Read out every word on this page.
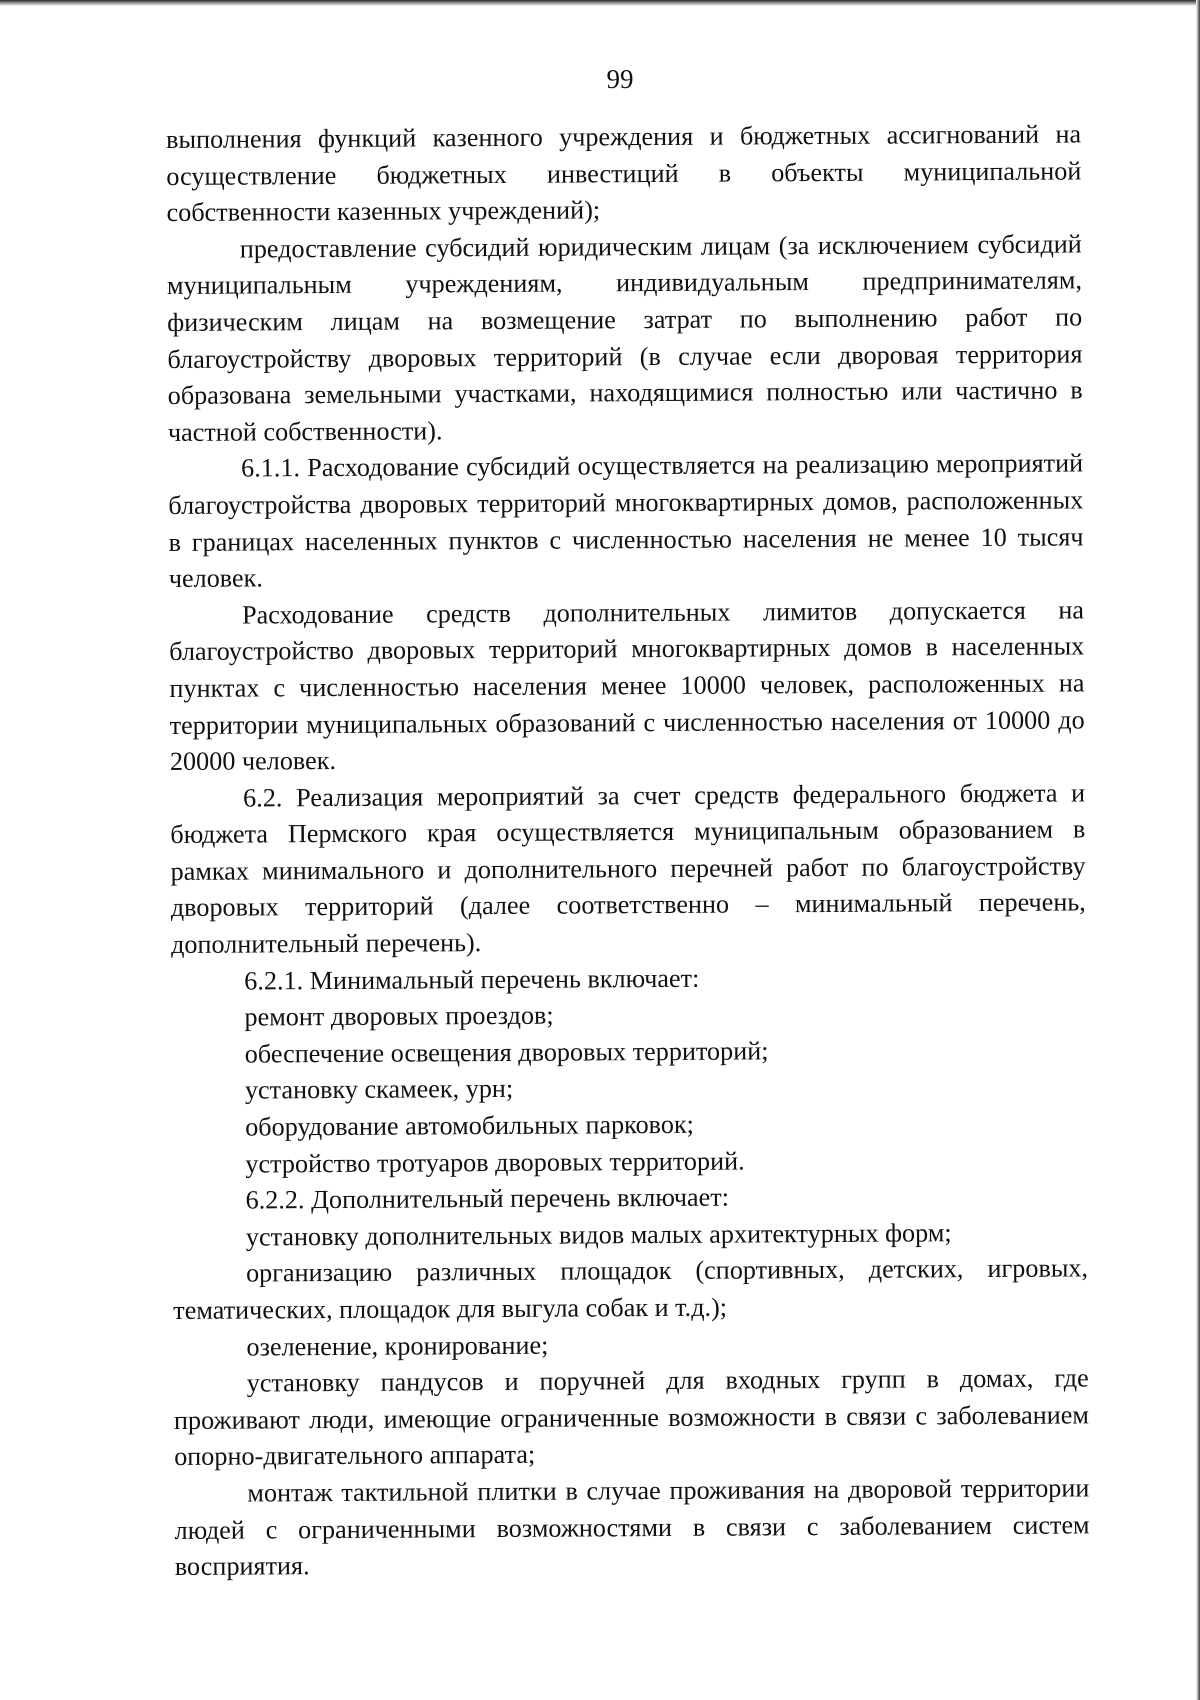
99

выполнения функций казенного учреждения и бюджетных ассигнований на осуществление бюджетных инвестиций в объекты муниципальной собственности казенных учреждений);

предоставление субсидий юридическим лицам (за исключением субсидий муниципальным учреждениям, индивидуальным предпринимателям, физическим лицам на возмещение затрат по выполнению работ по благоустройству дворовых территорий (в случае если дворовая территория образована земельными участками, находящимися полностью или частично в частной собственности).

6.1.1. Расходование субсидий осуществляется на реализацию мероприятий благоустройства дворовых территорий многоквартирных домов, расположенных в границах населенных пунктов с численностью населения не менее 10 тысяч человек.

Расходование средств дополнительных лимитов допускается на благоустройство дворовых территорий многоквартирных домов в населенных пунктах с численностью населения менее 10000 человек, расположенных на территории муниципальных образований с численностью населения от 10000 до 20000 человек.

6.2. Реализация мероприятий за счет средств федерального бюджета и бюджета Пермского края осуществляется муниципальным образованием в рамках минимального и дополнительного перечней работ по благоустройству дворовых территорий (далее соответственно – минимальный перечень, дополнительный перечень).

6.2.1. Минимальный перечень включает:

ремонт дворовых проездов;

обеспечение освещения дворовых территорий;

установку скамеек, урн;

оборудование автомобильных парковок;

устройство тротуаров дворовых территорий.

6.2.2. Дополнительный перечень включает:

установку дополнительных видов малых архитектурных форм;

организацию различных площадок (спортивных, детских, игровых, тематических, площадок для выгула собак и т.д.);

озеленение, кронирование;

установку пандусов и поручней для входных групп в домах, где проживают люди, имеющие ограниченные возможности в связи с заболеванием опорно-двигательного аппарата;

монтаж тактильной плитки в случае проживания на дворовой территории людей с ограниченными возможностями в связи с заболеванием систем восприятия.
